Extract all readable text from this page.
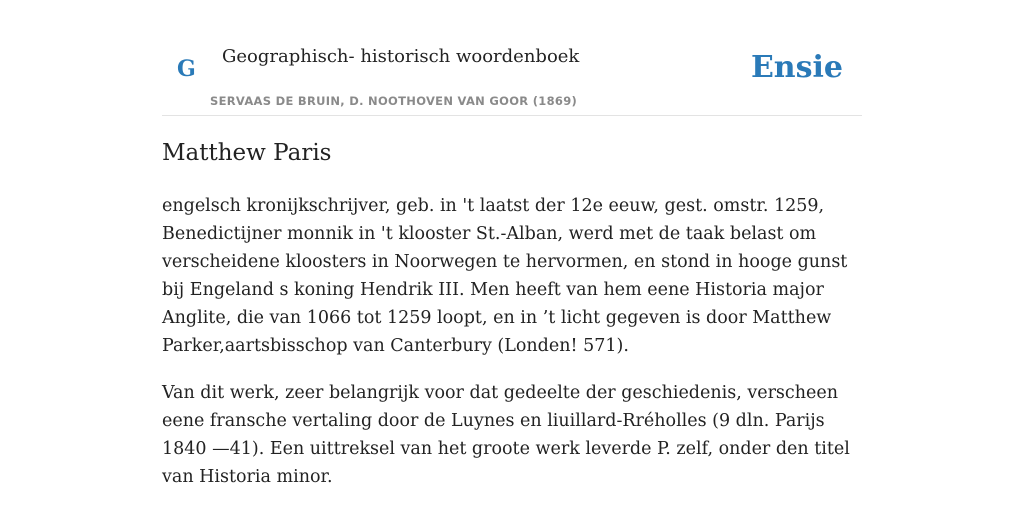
G Geographisch- historisch woordenboek
SERVAAS DE BRUIN, D. NOOTHOVEN VAN GOOR (1869)
Ensie
Matthew Paris

engelsch kronijkschrijver, geb. in 't laatst der 12e eeuw, gest. omstr. 1259, Benedictijner monnik in 't klooster St.-Alban, werd met de taak belast om verscheidene kloosters in Noorwegen te hervormen, en stond in hooge gunst bij Engeland s koning Hendrik III. Men heeft van hem eene Historia major Anglite, die van 1066 tot 1259 loopt, en in ’t licht gegeven is door Matthew Parker,aartsbisschop van Canterbury (Londen! 571).

Van dit werk, zeer belangrijk voor dat gedeelte der geschiedenis, verscheen eene fransche vertaling door de Luynes en liuillard-Rréholles (9 dln. Parijs 1840 —41). Een uittreksel van het groote werk leverde P. zelf, onder den titel van Historia minor.
